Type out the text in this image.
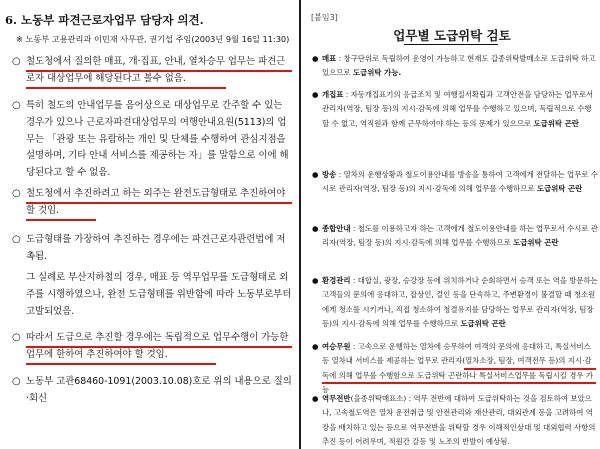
6. 노동부 파견근로자업무 담당자 의견.
※ 노동부 고용관리과 이민재 사무관, 권기섭 주임(2003년 9월 16일 11:30)
○ 철도청에서 질의한 매표, 개·집표, 안내, 열차승무 업무는 파견근로자 대상업무에 해당된다고 볼수 없음.
○ 특히 철도의 안내업무를 음어상으로 대상업무로 간주할 수 있는 경우가 있으나 근로자파견대상업무의 여행안내요원(5113)의 업무는 「관광 또는 유람하는 개인 및 단체를 수행하여 관심지점을 설명하며, 기타 안내 서비스를 제공하는 자」를 말함으로 이에 해당된다고 할 수 없음.
○ 철도청에서 추진하려고 하는 외주는 완전도급형태로 추진하여야 할 것임.
○ 도급형태를 가장하여 추진하는 경우에는 파견근로자관련법에 저촉됨.
그 실례로 부산지하철의 경우, 매표 등 역무업무를 도급형태로 외주를 시행하였으나, 완전 도급형태를 위반함에 따라 노동부로부터 고발되었음.
○ 따라서 도급으로 추진할 경우에는 독립적으로 업무수행이 가능한 업무에 한하여 추진하여야 할 것임.
○ 노동부 고관68460-1091(2003.10.08)호로 위의 내용으로 질의·회신
[붙임3]
업무별 도급위탁 검토
● 매표 : 창구단위로 독립하여 운영이 가능하고 현재도 갑종위탁발매소로 도급위탁 하고 있으므로 도급위탁 가능.
● 개집표 : 자동개집표기의 응급조치 및 여행질서확립과 고객안전을 담당하는 업무로서 관리자(역장, 팀장 등)의 지시·감독에 의해 업무를 수행하고 있으며, 독립적으로 수행할 수 없고, 역직원과 함께 근무하여야 하는 등의 문제가 있으므로 도급위탁 곤란
● 방송 : 열차의 운행상황과 철도이용안내를 방송을 통하여 고객에게 전달하는 업무로 수시로 관리자(역장, 팀장 등)의 지시·감독에 의해 업무를 수행하므로 도급위탁 곤란
● 종합안내 : 철도를 이용하고자 하는 고객에게 철도이용안내를 하는 업무로서 수시로 관리자(역장, 팀장 등)의 지시·감독에 의해 업무를 수행하므로 도급위탁 곤란
● 환경관리 : 대합실, 광장, 승강장 등에 위치하거나 순회하면서 승객 또는 역을 방문하는 고객들의 문의에 응대하고, 잡상인, 걸인 등을 단속하고, 주변환경이 불결할 때 청소원에게 청소를 시키거나, 직접 청소하여 청결유지를 담당하는 업무로 관리자(역장, 팀장 등)의 지시·감독에 의해 업무를 수행하므로 도급위탁 곤란
● 여승무원 : 고속으로 운행하는 열차에 승무하여 여객의 문의에 응대하고, 특실서비스 등 열차내 서비스를 제공하는 업무로 관리자(열차소장, 팀장, 여객전무 등)의 지시·감독에 의해 업무를 수행함으로 도급위탁 곤란하나 특실서비스업무를 독립시킬 경우 가능
● 역무전반(을종위탁매표소) : 역무 전반에 대하여 도급위탁하는 것을 검토하여 보았으나, 고속철도역은 열차 운전취급 및 안전관리와 재산관리, 대외관계 등을 고려하여 역장을 배치하고 있는 등으로 역무전반을 위탁할 경우 이해적인상대 및 대외협력 사항의 추진 등이 어려우며, 적원간 갈등 및 노조의 반발이 예상됨.
